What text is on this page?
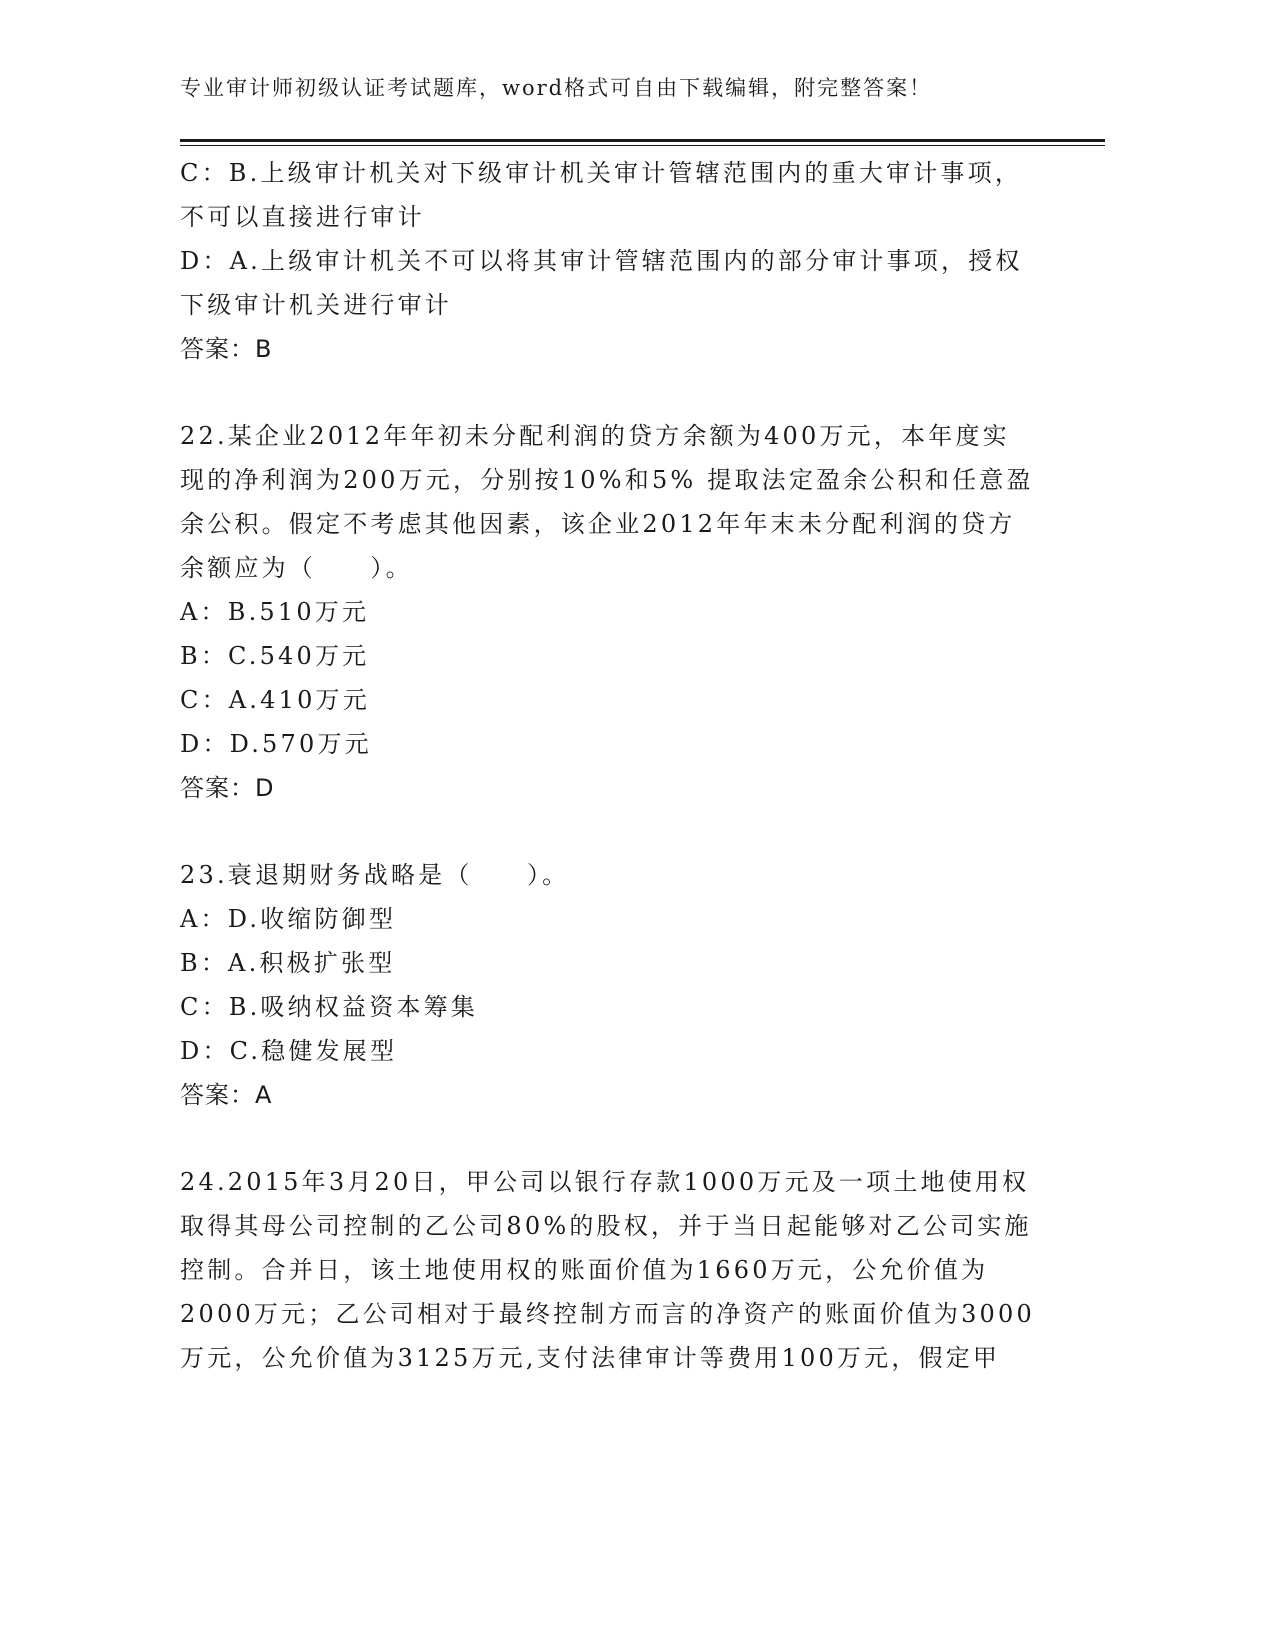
专业审计师初级认证考试题库，word格式可自由下载编辑，附完整答案！
C：B.上级审计机关对下级审计机关审计管辖范围内的重大审计事项，
不可以直接进行审计
D：A.上级审计机关不可以将其审计管辖范围内的部分审计事项，授权
下级审计机关进行审计
答案：B
22.某企业2012年年初未分配利润的贷方余额为400万元，本年度实
现的净利润为200万元，分别按10%和5% 提取法定盈余公积和任意盈
余公积。假定不考虑其他因素，该企业2012年年末未分配利润的贷方
余额应为（　　）。
A：B.510万元
B：C.540万元
C：A.410万元
D：D.570万元
答案：D
23.衰退期财务战略是（　　）。
A：D.收缩防御型
B：A.积极扩张型
C：B.吸纳权益资本筹集
D：C.稳健发展型
答案：A
24.2015年3月20日，甲公司以银行存款1000万元及一项土地使用权
取得其母公司控制的乙公司80%的股权，并于当日起能够对乙公司实施
控制。合并日，该土地使用权的账面价值为1660万元，公允价值为
2000万元；乙公司相对于最终控制方而言的净资产的账面价值为3000
万元，公允价值为3125万元,支付法律审计等费用100万元，假定甲
